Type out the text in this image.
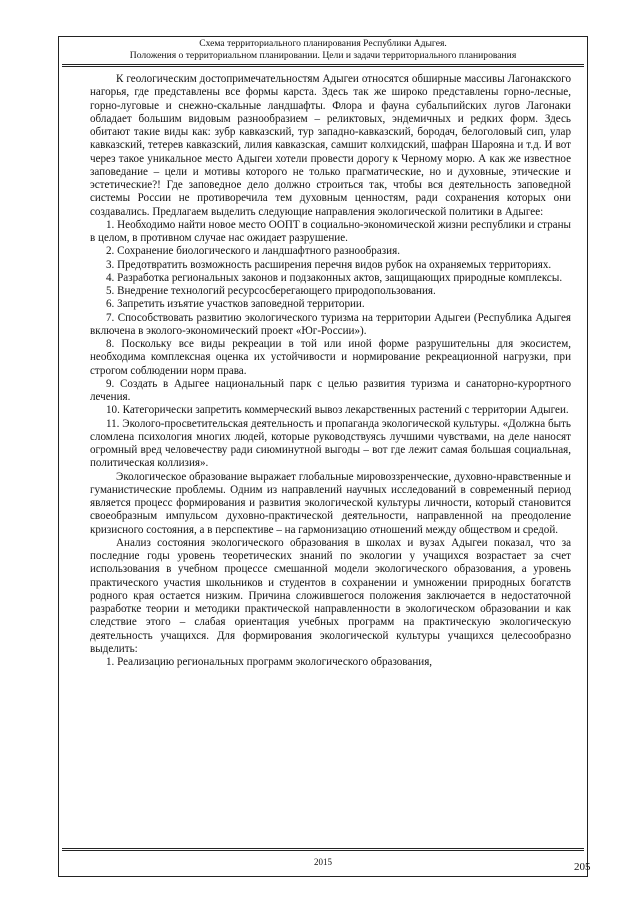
Схема территориального планирования Республики Адыгея.
Положения о территориальном планировании. Цели и задачи территориального планирования

К геологическим достопримечательностям Адыгеи относятся обширные массивы Лагонакского нагорья, где представлены все формы карста. Здесь так же широко представлены горно-лесные, горно-луговые и снежно-скальные ландшафты. Флора и фауна субальпийских лугов Лагонаки обладает большим видовым разнообразием – реликтовых, эндемичных и редких форм. Здесь обитают такие виды как: зубр кавказский, тур западно-кавказский, бородач, белоголовый сип, улар кавказский, тетерев кавказский, лилия кавказская, самшит колхидский, шафран Шарояна и т.д. И вот через такое уникальное место Адыгеи хотели провести дорогу к Черному морю. А как же известное заповедание – цели и мотивы которого не только прагматические, но и духовные, этические и эстетические?! Где заповедное дело должно строиться так, чтобы вся деятельность заповедной системы России не противоречила тем духовным ценностям, ради сохранения которых они создавались. Предлагаем выделить следующие направления экологической политики в Адыгее:

1. Необходимо найти новое место ООПТ в социально-экономической жизни республики и страны в целом, в противном случае нас ожидает разрушение.

2. Сохранение биологического и ландшафтного разнообразия.

3. Предотвратить возможность расширения перечня видов рубок на охраняемых территориях.

4. Разработка региональных законов и подзаконных актов, защищающих природные комплексы.

5. Внедрение технологий ресурсосберегающего природопользования.

6. Запретить изъятие участков заповедной территории.

7. Способствовать развитию экологического туризма на территории Адыгеи (Республика Адыгея включена в эколого-экономический проект «Юг-России»).

8. Поскольку все виды рекреации в той или иной форме разрушительны для экосистем, необходима комплексная оценка их устойчивости и нормирование рекреационной нагрузки, при строгом соблюдении норм права.

9. Создать в Адыгее национальный парк с целью развития туризма и санаторно-курортного лечения.

10. Категорически запретить коммерческий вывоз лекарственных растений с территории Адыгеи.

11. Эколого-просветительская деятельность и пропаганда экологической культуры. «Должна быть сломлена психология многих людей, которые руководствуясь лучшими чувствами, на деле наносят огромный вред человечеству ради сиюминутной выгоды – вот где лежит самая большая социальная, политическая коллизия».

Экологическое образование выражает глобальные мировоззренческие, духовно-нравственные и гуманистические проблемы. Одним из направлений научных исследований в современный период является процесс формирования и развития экологической культуры личности, который становится своеобразным импульсом духовно-практической деятельности, направленной на преодоление кризисного состояния, а в перспективе – на гармонизацию отношений между обществом и средой.

Анализ состояния экологического образования в школах и вузах Адыгеи показал, что за последние годы уровень теоретических знаний по экологии у учащихся возрастает за счет использования в учебном процессе смешанной модели экологического образования, а уровень практического участия школьников и студентов в сохранении и умножении природных богатств родного края остается низким. Причина сложившегося положения заключается в недостаточной разработке теории и методики практической направленности в экологическом образовании и как следствие этого – слабая ориентация учебных программ на практическую экологическую деятельность учащихся. Для формирования экологической культуры учащихся целесообразно выделить:

1. Реализацию региональных программ экологического образования,

2015	205
